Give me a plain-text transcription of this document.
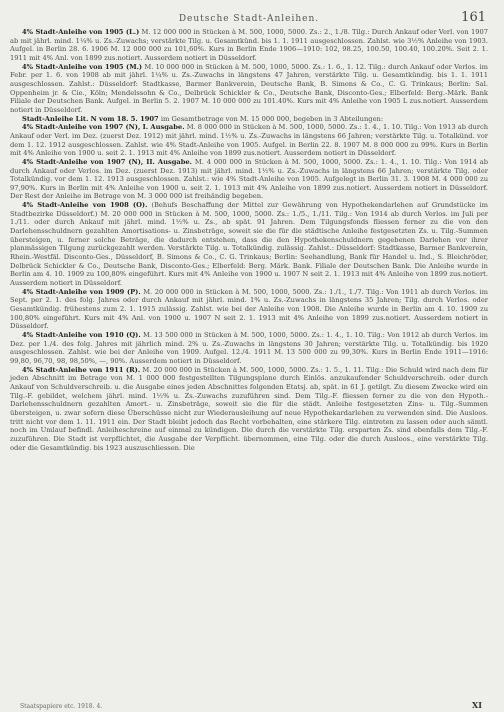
Deutsche Stadt-Anleihen.	161

4% Stadt-Anleihe von 1905 (L.) M. 12 000 000 in Stücken à M. 500, 1000, 5000. Zs.: 2., 1./8. Tilg.: Durch Ankauf oder Verl. von 1907 ab mit jährl. mind. 1¼% u. Zs.-Zuwachs; verstärkte Tilg. u. Gesamtkünd. bis 1. 1. 1911 ausgeschlossen. Zahlst. wie 3½% Anleihe von 1903. Aufgel. in Berlin 28. 6. 1906 M. 12 000 000 zu 101,60%. Kurs in Berlin Ende 1906—1910: 102, 98.25, 100.50, 100.40, 100.20%. Seit 2. 1. 1911 mit 4% Anl. von 1899 zus.notiert. Ausserdem notiert in Düsseldorf.

4% Stadt-Anleihe von 1905 (M.) M. 10 000 000 in Stücken à M. 500, 1000, 5000. Zs.: 1. 6., 1. 12. Tilg.: durch Ankauf oder Verlos. im Febr. per 1. 6. von 1908 ab mit jährl. 1¼% u. Zs.-Zuwachs in längstens 47 Jahren, verstärkte Tilg. u. Gesamtkündig. bis 1. 1. 1911 ausgeschlossen. Zahlst.: Düsseldorf: Stadtkasse, Barmer Bankverein, Deutsche Bank, B. Simons & Co., C. G. Trinkaus; Berlin: Sal. Oppenheim jr. & Cie., Köln; Mendelssohn & Co., Delbrück Schickler & Co., Deutsche Bank, Disconto-Ges.; Elberfeld: Berg.-Märk. Bank Filiale der Deutschen Bank. Aufgel. in Berlin 5. 2. 1907 M. 10 000 000 zu 101.40%. Kurs mit 4% Anleihe von 1905 L zus.notiert. Ausserdem notiert in Düsseldorf.

Stadt-Anleihe Lit. N vom 18. 5. 1907 im Gesamtbetrage von M. 15 000 000, begeben in 3 Abteilungen:

4% Stadt-Anleihe von 1907 (N), I. Ausgabe. M. 8 000 000 in Stücken à M. 500, 1000, 5000. Zs.: 1. 4., 1. 10. Tilg.: Von 1913 ab durch Ankauf oder Verl. im Dez. (zuerst Dez. 1912) mit jährl. mind. 1½% u. Zs.-Zuwachs in längstens 66 Jahren; verstärkte Tilg. u. Totalkünd. vor dem 1. 12. 1912 ausgeschlossen. Zahlst. wie 4% Stadt-Anleihe von 1905. Aufgel. in Berlin 22. 8. 1907 M. 8 000 000 zu 99%. Kurs in Berlin mit 4% Anleihe von 1900 u. seit 2. 1. 1913 mit 4% Anleihe von 1899 zus.notiert. Ausserdem notiert in Düsseldorf.

4% Stadt-Anleihe von 1907 (N), II. Ausgabe. M. 4 000 000 in Stücken à M. 500, 1000, 5000. Zs.: 1. 4., 1. 10. Tilg.: Von 1914 ab durch Ankauf oder Verlos. im Dez. (zuerst Dez. 1913) mit jährl. mind. 1½% u. Zs.-Zuwachs in längstens 66 Jahren; verstärkte Tilg. oder Totalkündig. vor dem 1. 12. 1913 ausgeschlossen. Zahlst.: wie 4% Stadt-Anleihe von 1905. Aufgelegt in Berlin 31. 3. 1908 M. 4 000 000 zu 97,90%. Kurs in Berlin mit 4% Anleihe von 1900 u. seit 2. 1. 1913 mit 4% Anleihe von 1899 zus.notiert. Ausserdem notiert in Düsseldorf. Der Rest der Anleihe im Betrage von M. 3 000 000 ist freihändig begeben.

4% Stadt-Anleihe von 1908 (O). (Behufs Beschaffung der Mittel zur Gewährung von Hypothekendarlehen auf Grundstücke im Stadtbezirke Düsseldorf.) M. 20 000 000 in Stücken à M. 500, 1000, 5000. Zs.: 1./5., 1./11. Tilg.: Von 1914 ab durch Verlos. im Juli per 1./11. oder durch Ankauf mit jährl. mind. 1½% u. Zs., ab spät. 91 Jahren. Dem Tilgungsfonds fliessen ferner zu die von den Darlehensschuldnern gezahlten Amortisations- u. Zinsbeträge, soweit sie die für die städtische Anleihe festgesetzten Zs. u. Tilg.-Summen übersteigen, u. ferner solche Beträge, die dadurch entstehen, dass die den Hypothekenschuldnern gegebenen Darlehen vor ihrer planmässigen Tilgung zurückgezahlt werden. Verstärkte Tilg. u. Totalkündig. zulässig. Zahlst.: Düsseldorf: Stadtkasse, Barmer Bankverein, Rhein.-Westfäl. Disconto-Ges., Düsseldorf, B. Simons & Co., C. G. Trinkaus; Berlin: Seehandlung, Bank für Handel u. Ind., S. Bleichröder, Delbrück Schickler & Co., Deutsche Bank, Disconto-Ges.; Elberfeld: Berg. Märk. Bank. Filiale der Deutschen Bank. Die Anleihe wurde in Berlin am 4. 10. 1909 zu 100,80% eingeführt. Kurs mit 4% Anleihe von 1900 u. 1907 N seit 2. 1. 1913 mit 4% Anleihe von 1899 zus.notiert. Ausserdem notiert in Düsseldorf.

4% Stadt-Anleihe von 1909 (P). M. 20 000 000 in Stücken à M. 500, 1000, 5000. Zs.: 1./1., 1./7. Tilg.: Von 1911 ab durch Verlos. im Sept. per 2. 1. des folg. Jahres oder durch Ankauf mit jährl. mind. 1% u. Zs.-Zuwachs in längstens 35 Jahren; Tilg. durch Verlos. oder Gesamtkündig. frühestens zum 2. 1. 1915 zulässig. Zahlst. wie bei der Anleihe von 1908. Die Anleihe wurde in Berlin am 4. 10. 1909 zu 100,80% eingeführt. Kurs mit 4% Anl. von 1900 u. 1907 N seit 2. 1. 1913 mit 4% Anleihe von 1899 zus.notiert. Ausserdem notiert in Düsseldorf.

4% Stadt-Anleihe von 1910 (Q). M. 13 500 000 in Stücken à M. 500, 1000, 5000. Zs.: 1. 4., 1. 10. Tilg.: Von 1912 ab durch Verlos. im Dez. per 1./4. des folg. Jahres mit jährlich mind. 2% u. Zs.-Zuwachs in längstens 30 Jahren; verstärkte Tilg. u. Totalkündig. bis 1920 ausgeschlossen. Zahlst. wie bei der Anleihe von 1909. Aufgel. 12./4. 1911 M. 13 500 000 zu 99,30%. Kurs in Berlin Ende 1911—1916: 99,80, 96,70, 98, 98,50%, —, 90%. Ausserdem notiert in Düsseldorf.

4% Stadt-Anleihe von 1911 (R). M. 20 000 000 in Stücken à M. 500, 1000, 5000. Zs.: 1. 5., 1. 11. Tilg.: Die Schuld wird nach dem für jeden Abschnitt im Betrage von M. 1 000 000 festgestellten Tilgungsplane durch Einlös. anzukaufender Schuldverschreib. oder durch Ankauf von Schuldverschreib. u. die Ausgabe eines jeden Abschnittes folgenden Etatsj. ab, spät. in 61 J. getilgt. Zu diesem Zwecke wird ein Tilg.-F. gebildet, welchem jährl. mind. 1½% u. Zs.-Zuwachs zuzuführen sind. Dem Tilg.-F. fliessen ferner zu die von den Hypoth.-Darlehensschuldnern gezahlten Amort.- u. Zinsbeträge, soweit sie die für die städt. Anleihe festgesetzten Zins- u. Tilg.-Summen übersteigen, u. zwar sofern diese Überschüsse nicht zur Wiederausleihung auf neue Hypothekardarlehen zu verwenden sind. Die Ausloos. tritt nicht vor dem 1. 11. 1911 ein. Der Stadt bleibt jedoch das Recht vorbehalten, eine stärkere Tilg. eintreten zu lassen oder auch sämtl. noch im Umlauf befindl. Anleiheschreine auf einmal zu kündigen. Die durch die verstärkte Tilg. ersparten Zs. sind ebenfalls dem Tilg.-F. zuzuführen. Die Stadt ist verpflichtet, die Ausgabe der Verpflicht. übernommen, eine Tilg. oder die durch Ausloos., eine verstärkte Tilg. oder die Gesamtkündig. bis 1923 auszuschliessen. Die

Staatspapiere etc. 1918. 4.	XI
